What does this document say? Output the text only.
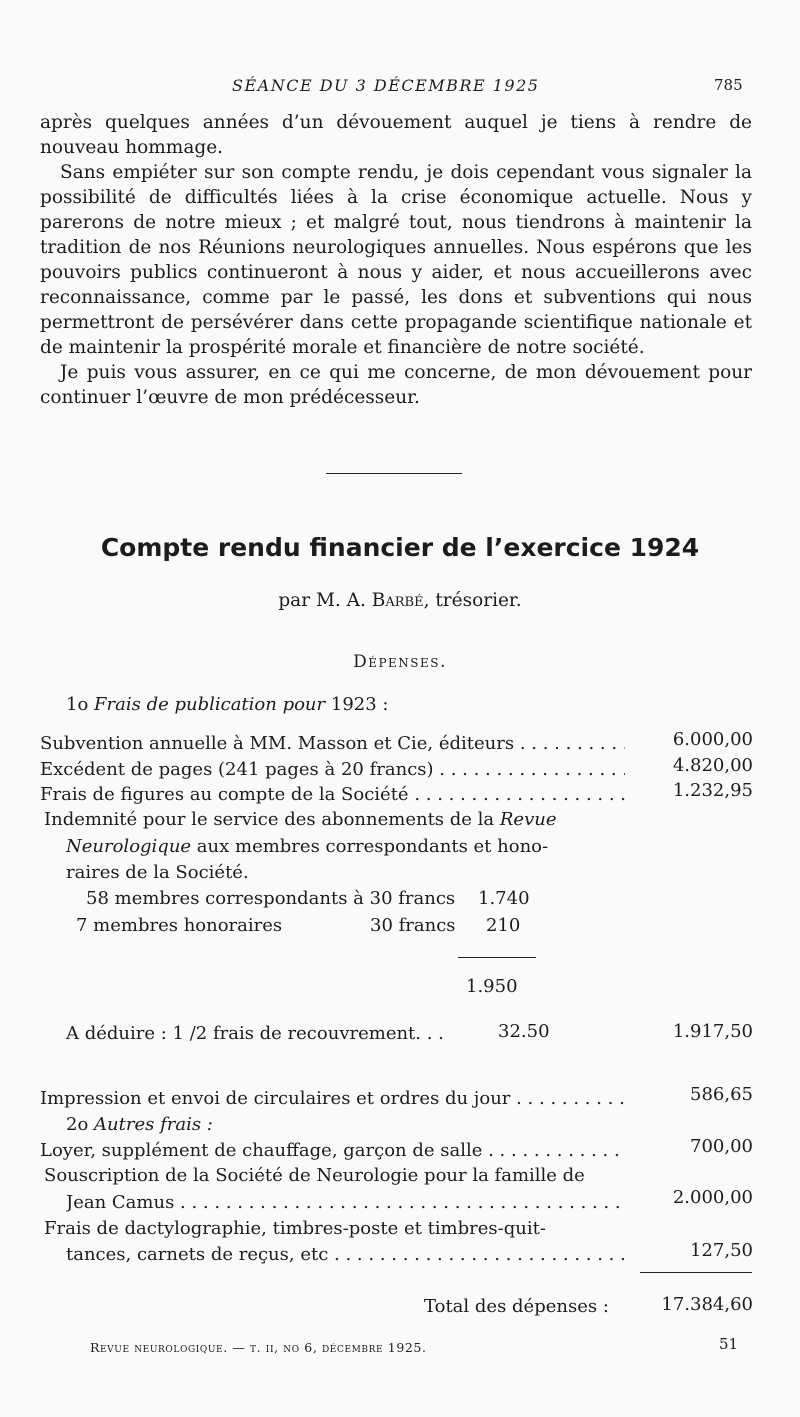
SÉANCE DU 3 DÉCEMBRE 1925	785

après quelques années d’un dévouement auquel je tiens à rendre de nouveau hommage.

Sans empiéter sur son compte rendu, je dois cependant vous signaler la possibilité de difficultés liées à la crise économique actuelle. Nous y parerons de notre mieux ; et malgré tout, nous tiendrons à maintenir la tradition de nos Réunions neurologiques annuelles. Nous espérons que les pouvoirs publics continueront à nous y aider, et nous accueillerons avec reconnaissance, comme par le passé, les dons et subventions qui nous permettront de persévérer dans cette propagande scientifique nationale et de maintenir la prospérité morale et financière de notre société.

Je puis vous assurer, en ce qui me concerne, de mon dévouement pour continuer l’œuvre de mon prédécesseur.

Compte rendu financier de l’exercice 1924
par M. A. Barbé, trésorier.
Dépenses.
1o Frais de publication pour 1923 :
Subvention annuelle à MM. Masson et Cie, éditeurs . . .	6.000,00
Excédent de pages (241 pages à 20 francs) . . .	4.820,00
Frais de figures au compte de la Société . . .	1.232,95
Indemnité pour le service des abonnements de la Revue
Neurologique aux membres correspondants et hono-
raires de la Société.
58 membres correspondants à 30 francs 1.740
7 membres honoraires	30 francs 210
1.950
A déduire : 1 /2 frais de recouvrement. . .	32.50	1.917,50
Impression et envoi de circulaires et ordres du jour . . .	586,65
2o Autres frais :
Loyer, supplément de chauffage, garçon de salle . . .	700,00
Souscription de la Société de Neurologie pour la famille de
Jean Camus . . .	2.000,00
Frais de dactylographie, timbres-poste et timbres-quit-
tances, carnets de reçus, etc . . .	127,50
Total des dépenses :	17.384,60
Revue neurologique. — t. ii, no 6, décembre 1925.	51
